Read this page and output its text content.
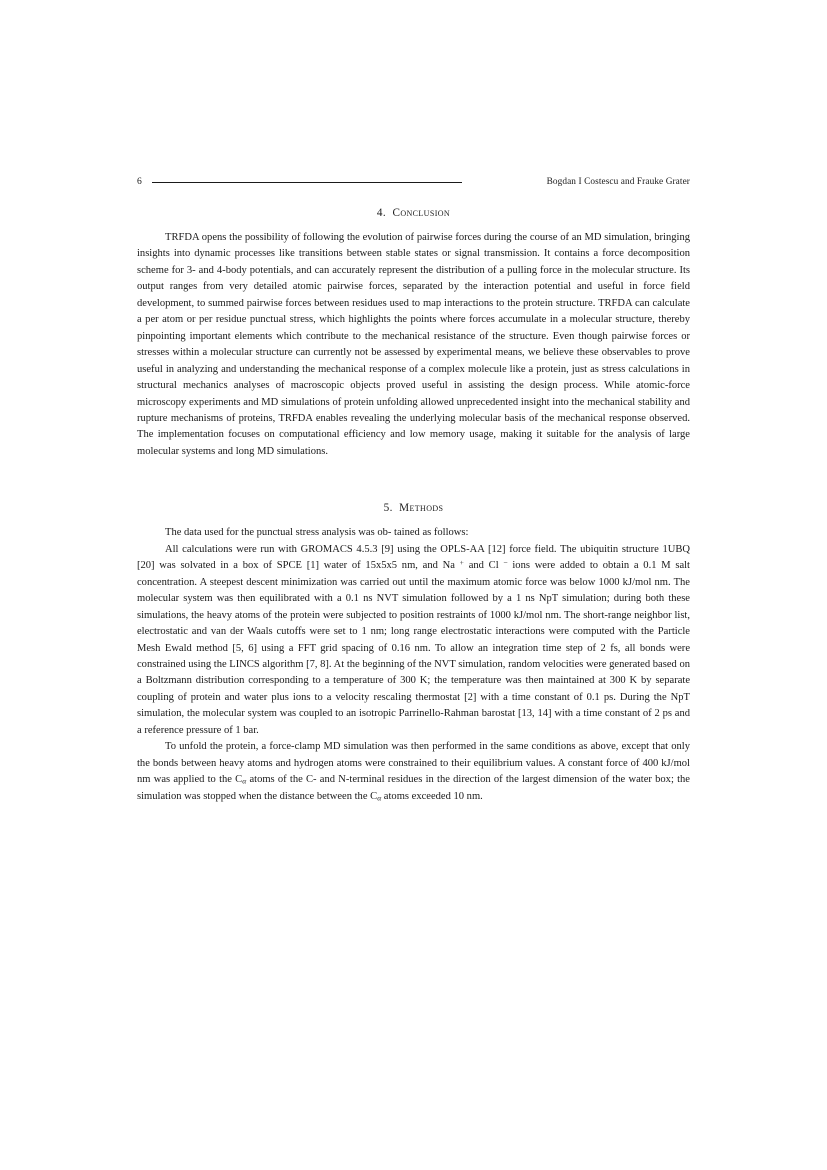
6	Bogdan I Costescu and Frauke Grater
4. Conclusion

TRFDA opens the possibility of following the evolution of pairwise forces during the course of an MD simulation, bringing insights into dynamic processes like transitions between stable states or signal transmission. It contains a force decomposition scheme for 3- and 4-body potentials, and can accurately represent the distribution of a pulling force in the molecular structure. Its output ranges from very detailed atomic pairwise forces, separated by the interaction potential and useful in force field development, to summed pairwise forces between residues used to map interactions to the protein structure. TRFDA can calculate a per atom or per residue punctual stress, which highlights the points where forces accumulate in a molecular structure, thereby pinpointing important elements which contribute to the mechanical resistance of the structure. Even though pairwise forces or stresses within a molecular structure can currently not be assessed by experimental means, we believe these observables to prove useful in analyzing and understanding the mechanical response of a complex molecule like a protein, just as stress calculations in structural mechanics analyses of macroscopic objects proved useful in assisting the design process. While atomic-force microscopy experiments and MD simulations of protein unfolding allowed unprecedented insight into the mechanical stability and rupture mechanisms of proteins, TRFDA enables revealing the underlying molecular basis of the mechanical response observed. The implementation focuses on computational efficiency and low memory usage, making it suitable for the analysis of large molecular systems and long MD simulations.

5. Methods

The data used for the punctual stress analysis was ob- tained as follows:

All calculations were run with GROMACS 4.5.3 [9] using the OPLS-AA [12] force field. The ubiquitin structure 1UBQ [20] was solvated in a box of SPCE [1] water of 15x5x5 nm, and Na + and Cl − ions were added to obtain a 0.1 M salt concentration. A steepest descent minimization was carried out until the maximum atomic force was below 1000 kJ/mol nm. The molecular system was then equilibrated with a 0.1 ns NVT simulation followed by a 1 ns NpT simulation; during both these simulations, the heavy atoms of the protein were subjected to position restraints of 1000 kJ/mol nm. The short-range neighbor list, electrostatic and van der Waals cutoffs were set to 1 nm; long range electrostatic interactions were computed with the Particle Mesh Ewald method [5, 6] using a FFT grid spacing of 0.16 nm. To allow an integration time step of 2 fs, all bonds were constrained using the LINCS algorithm [7, 8]. At the beginning of the NVT simulation, random velocities were generated based on a Boltzmann distribution corresponding to a temperature of 300 K; the temperature was then maintained at 300 K by separate coupling of protein and water plus ions to a velocity rescaling thermostat [2] with a time constant of 0.1 ps. During the NpT simulation, the molecular system was coupled to an isotropic Parrinello-Rahman barostat [13, 14] with a time constant of 2 ps and a reference pressure of 1 bar.

To unfold the protein, a force-clamp MD simulation was then performed in the same conditions as above, except that only the bonds between heavy atoms and hydrogen atoms were constrained to their equilibrium values. A constant force of 400 kJ/mol nm was applied to the $C_\alpha$ atoms of the C- and N-terminal residues in the direction of the largest dimension of the water box; the simulation was stopped when the distance between the $C_\alpha$ atoms exceeded 10 nm.
